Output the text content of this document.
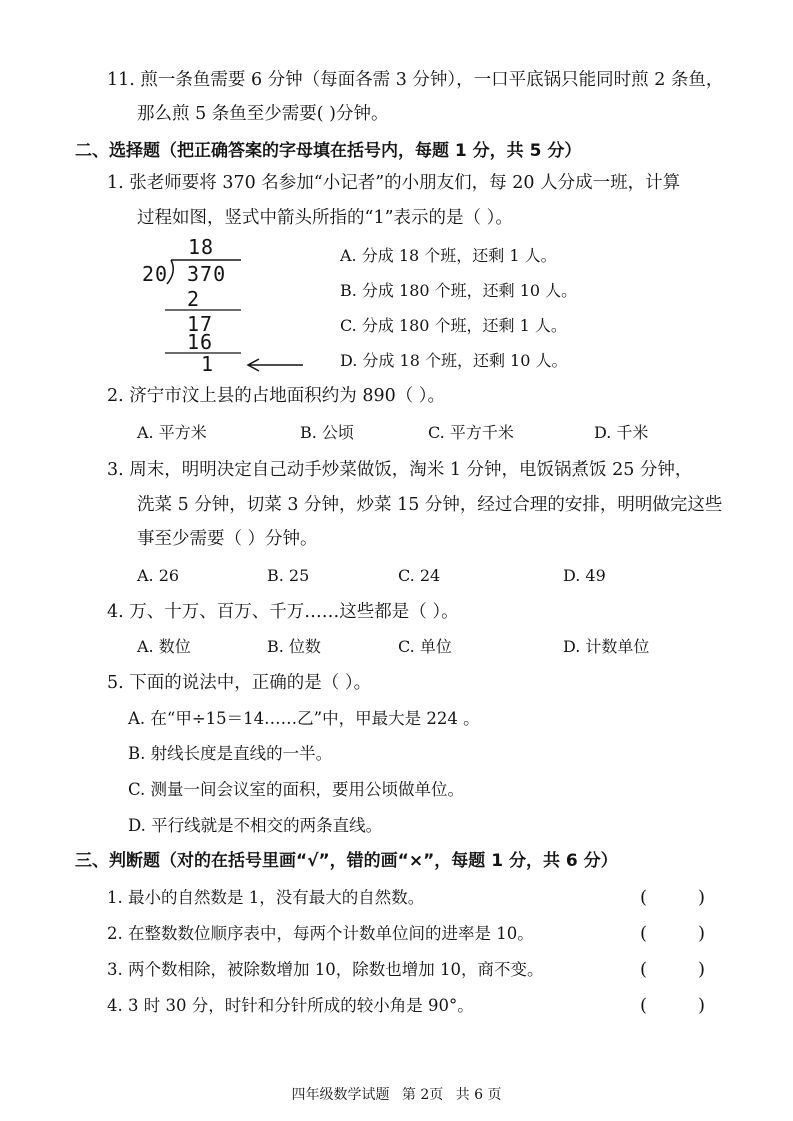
11. 煎一条鱼需要 6 分钟（每面各需 3 分钟），一口平底锅只能同时煎 2 条鱼，
那么煎 5 条鱼至少需要( )分钟。
二、选择题（把正确答案的字母填在括号内，每题 1 分，共 5 分）
1. 张老师要将 370 名参加“小记者”的小朋友们，每 20 人分成一班，计算
过程如图，竖式中箭头所指的“1”表示的是（ ）。
18
20 370
2
17
16
1
A. 分成 18 个班，还剩 1 人。
B. 分成 180 个班，还剩 10 人。
C. 分成 180 个班，还剩 1 人。
D. 分成 18 个班，还剩 10 人。
2. 济宁市汶上县的占地面积约为 890（ ）。
A. 平方米	B. 公顷	C. 平方千米	D. 千米
3. 周末，明明决定自己动手炒菜做饭，淘米 1 分钟，电饭锅煮饭 25 分钟，
洗菜 5 分钟，切菜 3 分钟，炒菜 15 分钟，经过合理的安排，明明做完这些
事至少需要（ ）分钟。
A. 26	B. 25	C. 24	D. 49
4. 万、十万、百万、千万……这些都是（ ）。
A. 数位	B. 位数	C. 单位	D. 计数单位
5. 下面的说法中，正确的是（ ）。
A. 在“甲÷15＝14……乙”中，甲最大是 224 。
B. 射线长度是直线的一半。
C. 测量一间会议室的面积，要用公顷做单位。
D. 平行线就是不相交的两条直线。
三、判断题（对的在括号里画“√”，错的画“×”，每题 1 分，共 6 分）
1. 最小的自然数是 1，没有最大的自然数。	(	)
2. 在整数数位顺序表中，每两个计数单位间的进率是 10。	(	)
3. 两个数相除，被除数增加 10，除数也增加 10，商不变。	(	)
4. 3 时 30 分，时针和分针所成的较小角是 90°。	(	)
四年级数学试题 第 2页 共 6 页
